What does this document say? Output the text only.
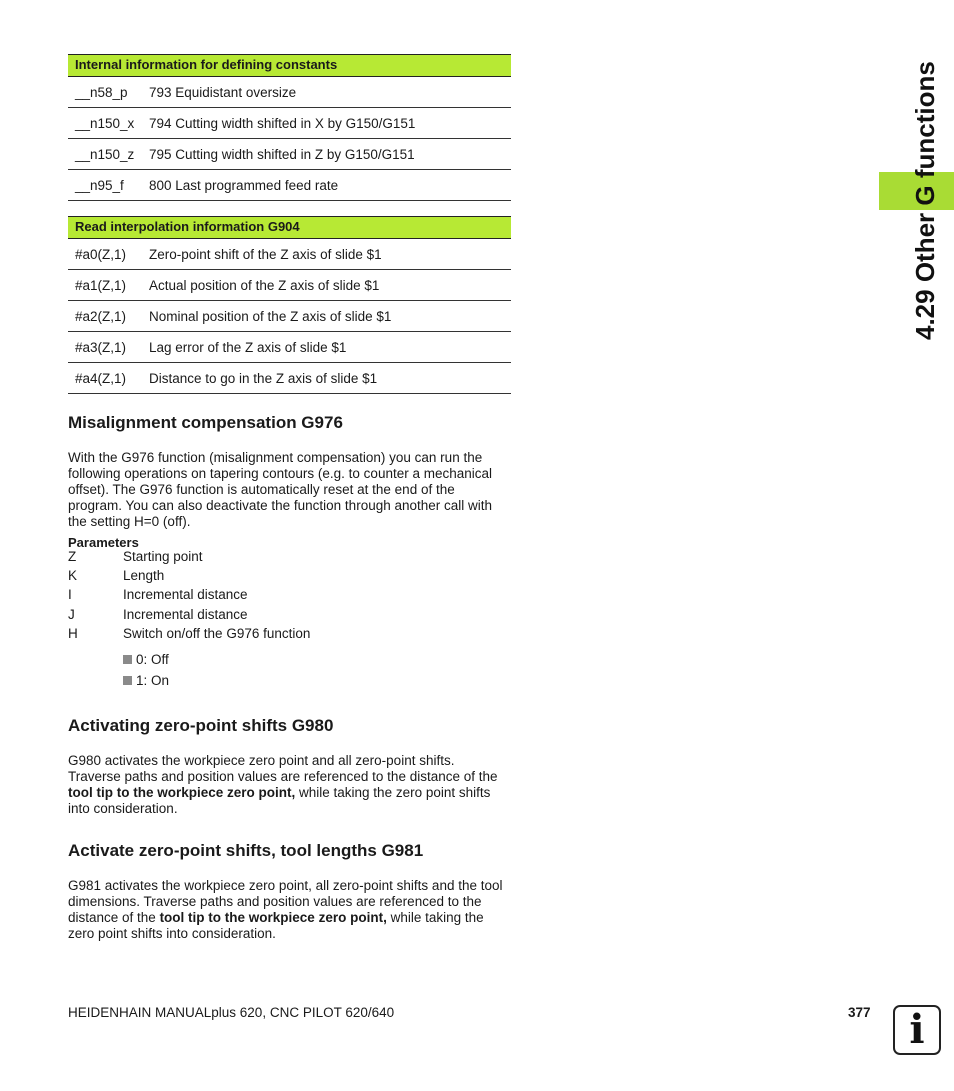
Internal information for defining constants
__n58_p	793 Equidistant oversize
__n150_x	794 Cutting width shifted in X by G150/G151
__n150_z	795 Cutting width shifted in Z by G150/G151
__n95_f	800 Last programmed feed rate
Read interpolation information G904
#a0(Z,1)	Zero-point shift of the Z axis of slide $1
#a1(Z,1)	Actual position of the Z axis of slide $1
#a2(Z,1)	Nominal position of the Z axis of slide $1
#a3(Z,1)	Lag error of the Z axis of slide $1
#a4(Z,1)	Distance to go in the Z axis of slide $1
Misalignment compensation G976

With the G976 function (misalignment compensation) you can run the following operations on tapering contours (e.g. to counter a mechanical offset). The G976 function is automatically reset at the end of the program. You can also deactivate the function through another call with the setting H=0 (off).

Parameters
Z	Starting point
K	Length
I	Incremental distance
J	Incremental distance
H	Switch on/off the G976 function
0: Off
1: On
Activating zero-point shifts G980

G980 activates the workpiece zero point and all zero-point shifts. Traverse paths and position values are referenced to the distance of the tool tip to the workpiece zero point, while taking the zero point shifts into consideration.

Activate zero-point shifts, tool lengths G981

G981 activates the workpiece zero point, all zero-point shifts and the tool dimensions. Traverse paths and position values are referenced to the distance of the tool tip to the workpiece zero point, while taking the zero point shifts into consideration.

4.29 Other G functions
HEIDENHAIN MANUALplus 620, CNC PILOT 620/640	377 i
